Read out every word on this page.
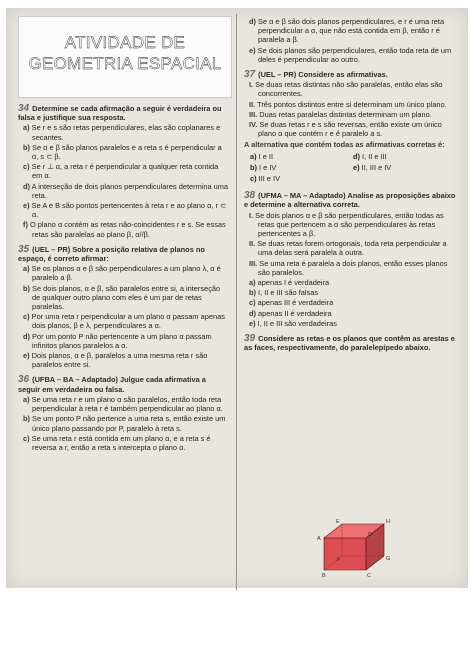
ATIVIDADE DE
GEOMETRIA ESPACIAL
34 Determine se cada afirmação a seguir é verdadeira ou falsa e justifique sua resposta.
a) Se r e s são retas perpendiculares, elas são coplanares e secantes.
b) Se α e β são planos paralelos e a reta s é perpendicular a α, s ⊂ β.
c) Se r ⊥ α, a reta r é perpendicular a qualquer reta contida em α.
d) A interseção de dois planos perpendiculares determina uma reta.
e) Se A e B são pontos pertencentes à reta r e ao plano α, r ⊂ α.
f) O plano α contém as retas não-coincidentes r e s. Se essas retas são paralelas ao plano β, α//β.
35 (UEL – PR) Sobre a posição relativa de planos no espaço, é correto afirmar:
a) Se os planos α e β são perpendiculares a um plano λ, α é paralelo a β.
b) Se dois planos, α e β, são paralelos entre si, a interseção de qualquer outro plano com eles é um par de retas paralelas.
c) Por uma reta r perpendicular a um plano α passam apenas dois planos, β e λ, perpendiculares a α.
d) Por um ponto P não pertencente a um plano α passam infinitos planos paralelos a α.
e) Dois planos, α e β, paralelos a uma mesma reta r são paralelos entre si.
36 (UFBA – BA – Adaptado) Julgue cada afirmativa a seguir em verdadeira ou falsa.
a) Se uma reta r e um plano α são paralelos, então toda reta perpendicular à reta r é também perpendicular ao plano α.
b) Se um ponto P não pertence a uma reta s, então existe um único plano passando por P, paralelo à reta s.
c) Se uma reta r está contida em um plano α, e a reta s é reversa a r, então a reta s intercepta o plano α.
d) Se α e β são dois planos perpendiculares, e r é uma reta perpendicular a α, que não está contida em β, então r é paralela a β.
e) Se dois planos são perpendiculares, então toda reta de um deles é perpendicular ao outro.
37 (UEL – PR) Considere as afirmativas.
I. Se duas retas distintas não são paralelas, então elas são concorrentes.
II. Três pontos distintos entre si determinam um único plano.
III. Duas retas paralelas distintas determinam um plano.
IV. Se duas retas r e s são reversas, então existe um único plano α que contém r e é paralelo a s.
A alternativa que contém todas as afirmativas corretas é:
a) I e II	d) I, II e III
b) I e IV	e) II, III e IV
c) III e IV
38 (UFMA – MA – Adaptado) Analise as proposições abaixo e determine a alternativa correta.
I. Se dois planos α e β são perpendiculares, então todas as retas que pertencem a α são perpendiculares às retas pertencentes a β.
II. Se duas retas forem ortogonais, toda reta perpendicular a uma delas será paralela à outra.
III. Se uma reta é paralela a dois planos, então esses planos são paralelos.
a) apenas I é verdadeira
b) I, II e III são falsas
c) apenas III é verdadeira
d) apenas II é verdadeira
e) I, II e III são verdadeiras
39 Considere as retas e os planos que contêm as arestas e as faces, respectivamente, do paralelepípedo abaixo.
A
B	C
D
E
F	G
H
